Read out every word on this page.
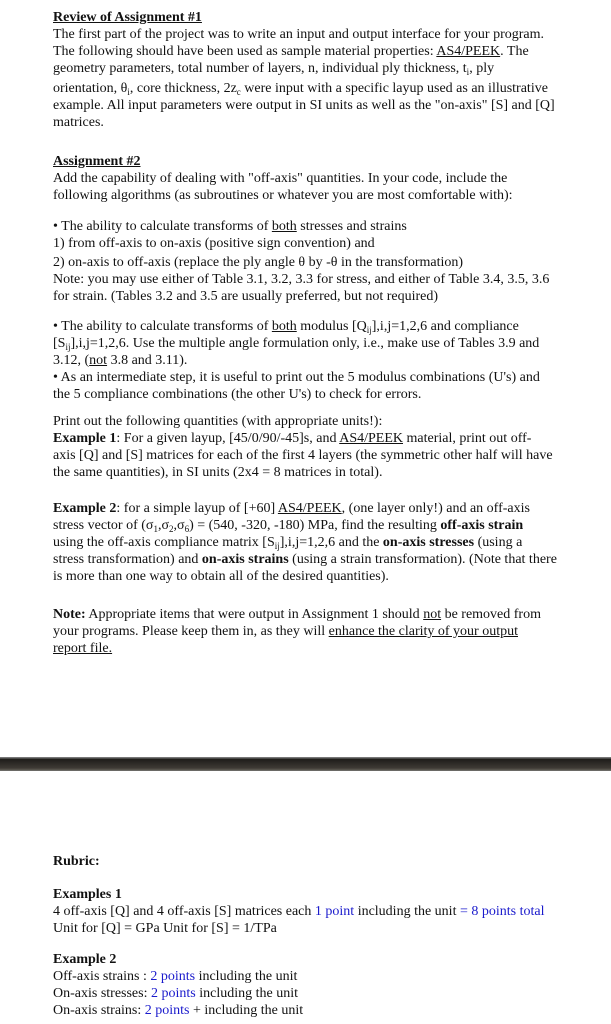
Review of Assignment #1
The first part of the project was to write an input and output interface for your program.
The following should have been used as sample material properties: AS4/PEEK. The
geometry parameters, total number of layers, n, individual ply thickness, $t_i$, ply
orientation, $\theta_i$, core thickness, $2z_c$ were input with a specific layup used as an illustrative
example. All input parameters were output in SI units as well as the "on-axis" [S] and [Q]
matrices.
Assignment #2
Add the capability of dealing with "off-axis" quantities. In your code, include the
following algorithms (as subroutines or whatever you are most comfortable with):
• The ability to calculate transforms of both stresses and strains
1) from off-axis to on-axis (positive sign convention) and
2) on-axis to off-axis (replace the ply angle θ by -θ in the transformation)
Note: you may use either of Table 3.1, 3.2, 3.3 for stress, and either of Table 3.4, 3.5, 3.6
for strain. (Tables 3.2 and 3.5 are usually preferred, but not required)
• The ability to calculate transforms of both modulus $[Q_{ij}],i,j=1,2,6$ and compliance
$[S_{ij}],i,j=1,2,6$. Use the multiple angle formulation only, i.e., make use of Tables 3.9 and
3.12, (not 3.8 and 3.11).
• As an intermediate step, it is useful to print out the 5 modulus combinations (U's) and
the 5 compliance combinations (the other U's) to check for errors.
Print out the following quantities (with appropriate units!):
Example 1: For a given layup, [45/0/90/-45]s, and AS4/PEEK material, print out off-
axis [Q] and [S] matrices for each of the first 4 layers (the symmetric other half will have
the same quantities), in SI units (2x4 = 8 matrices in total).
Example 2: for a simple layup of [+60] AS4/PEEK, (one layer only!) and an off-axis
stress vector of $(\sigma_1,\sigma_2,\sigma_6) = (540$, -320, -180) MPa, find the resulting off-axis strain
using the off-axis compliance matrix $[S_{ij}],i,j=1,2,6$ and the on-axis stresses (using a
stress transformation) and on-axis strains (using a strain transformation). (Note that there
is more than one way to obtain all of the desired quantities).
Note: Appropriate items that were output in Assignment 1 should not be removed from
your programs. Please keep them in, as they will enhance the clarity of your output
report file.
Rubric:
Examples 1
4 off-axis [Q] and 4 off-axis [S] matrices each 1 point including the unit = 8 points total
Unit for [Q] = GPa Unit for [S] = 1/TPa
Example 2
Off-axis strains : 2 points including the unit
On-axis stresses: 2 points including the unit
On-axis strains: 2 points + including the unit
